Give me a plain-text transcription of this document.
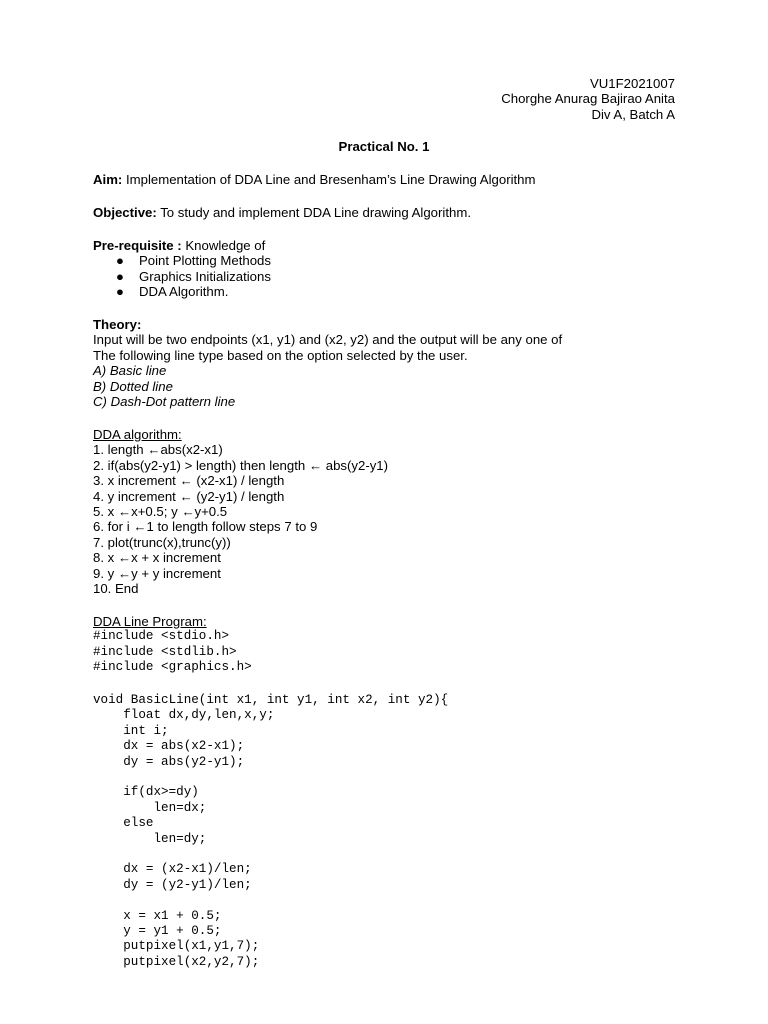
VU1F2021007
Chorghe Anurag Bajirao Anita
Div A, Batch A
Practical No. 1
Aim: Implementation of DDA Line and Bresenham’s Line Drawing Algorithm
Objective: To study and implement DDA Line drawing Algorithm.
Pre-requisite : Knowledge of
● Point Plotting Methods
● Graphics Initializations
● DDA Algorithm.
Theory:
Input will be two endpoints (x1, y1) and (x2, y2) and the output will be any one of
The following line type based on the option selected by the user.
A) Basic line
B) Dotted line
C) Dash-Dot pattern line
DDA algorithm:
1. length ←abs(x2-x1)
2. if(abs(y2-y1) > length) then length ← abs(y2-y1)
3. x increment ← (x2-x1) / length
4. y increment ← (y2-y1) / length
5. x ←x+0.5; y ←y+0.5
6. for i ←1 to length follow steps 7 to 9
7. plot(trunc(x),trunc(y))
8. x ←x + x increment
9. y ←y + y increment
10. End
DDA Line Program:
#include <stdio.h>
#include <stdlib.h>
#include <graphics.h>
void BasicLine(int x1, int y1, int x2, int y2){
float dx,dy,len,x,y;
int i;
dx = abs(x2-x1);
dy = abs(y2-y1);

if(dx>=dy)
len=dx;
else
len=dy;

dx = (x2-x1)/len;
dy = (y2-y1)/len;

x = x1 + 0.5;
y = y1 + 0.5;
putpixel(x1,y1,7);
putpixel(x2,y2,7);
